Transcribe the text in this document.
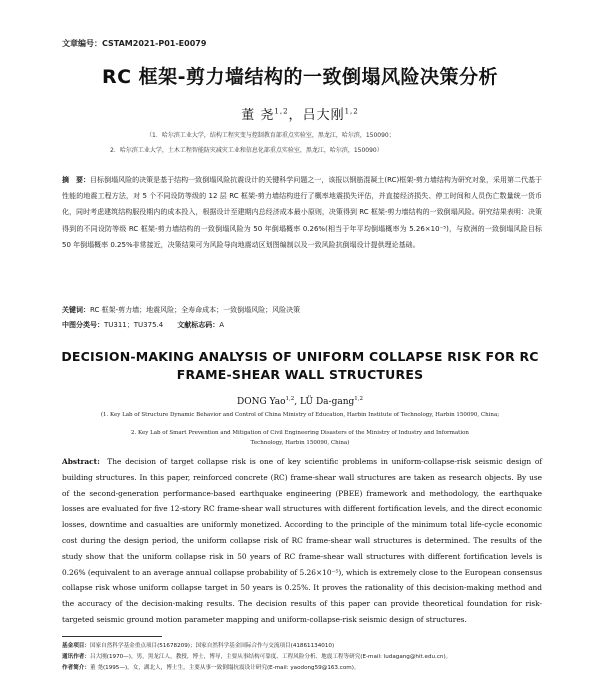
文章编号：CSTAM2021-P01-E0079
RC 框架-剪力墙结构的一致倒塌风险决策分析
董 尧$^{1,2}$，吕大刚$^{1,2}$
（1．哈尔滨工业大学，结构工程灾变与控制教育部重点实验室，黑龙江，哈尔滨，150090；
2．哈尔滨工业大学，土木工程智能防灾减灾工业和信息化部重点实验室，黑龙江，哈尔滨，150090）
摘　要：目标倒塌风险的决策是基于结构一致倒塌风险抗震设计的关键科学问题之一，该报以钢筋混凝土(RC)框架-剪力墙结构为研究对象，采用第二代基于性能的地震工程方法，对 5 个不同设防等级的 12 层 RC 框架-剪力墙结构进行了概率地震损失评估，并直接经济损失、停工时间和人员伤亡数量统一货币化，同时考虑建筑结构服役期内的成本投入，根据设计至建期内总经济成本最小原则，决策得到 RC 框架-剪力墙结构的一致倒塌风险。研究结果表明：决策得到的不同设防等级 RC 框架-剪力墙结构的一致倒塌风险为 50 年倒塌概率 0.26%(相当于年平均倒塌概率为 5.26×10⁻⁵)，与欧洲的一致倒塌风险目标 50 年倒塌概率 0.25%非常接近，决策结果可为风险导向地震动区划图编制以及一致风险抗倒塌设计提供理论基础。
关键词：RC 框架-剪力墙；地震风险；全寿命成本；一致倒塌风险；风险决策
中图分类号：TU311；TU375.4 文献标志码：A
DECISION-MAKING ANALYSIS OF UNIFORM COLLAPSE RISK FOR RC
FRAME-SHEAR WALL STRUCTURES
DONG Yao$^{1,2}$, LÜ Da-gang$^{1,2}$
(1. Key Lab of Structure Dynamic Behavior and Control of China Ministry of Education, Harbin Institute of Technology, Harbin 150090, China;
2. Key Lab of Smart Prevention and Mitigation of Civil Engineering Disasters of the Ministry of Industry and Information
Technology, Harbin 150090, China)
Abstract: The decision of target collapse risk is one of key scientific problems in uniform-collapse-risk seismic design of building structures. In this paper, reinforced concrete (RC) frame-shear wall structures are taken as research objects. By use of the second-generation performance-based earthquake engineering (PBEE) framework and methodology, the earthquake losses are evaluated for five 12-story RC frame-shear wall structures with different fortification levels, and the direct economic losses, downtime and casualties are uniformly monetized. According to the principle of the minimum total life-cycle economic cost during the design period, the uniform collapse risk of RC frame-shear wall structures is determined. The results of the study show that the uniform collapse risk in 50 years of RC frame-shear wall structures with different fortification levels is 0.26% (equivalent to an average annual collapse probability of 5.26×10⁻⁵), which is extremely close to the European consensus collapse risk whose uniform collapse target in 50 years is 0.25%. It proves the rationality of this decision-making method and the accuracy of the decision-making results. The decision results of this paper can provide theoretical foundation for risk-targeted seismic ground motion parameter mapping and uniform-collapse-risk seismic design of structures.
基金项目：国家自然科学基金重点项目(51678209)；国家自然科学基金国际合作与交流项目(41861134010)
通讯作者：吕大刚(1970—)，男，黑龙江人，教授，博士，博导，主要从事结构可靠度、工程风险分析、地震工程等研究(E-mail: ludagang@hit.edu.cn)。
作者简介：董 尧(1995—)，女，湖北人，博士生，主要从事一致倒塌抗震设计研究(E-mail: yaodong59@163.com)。
